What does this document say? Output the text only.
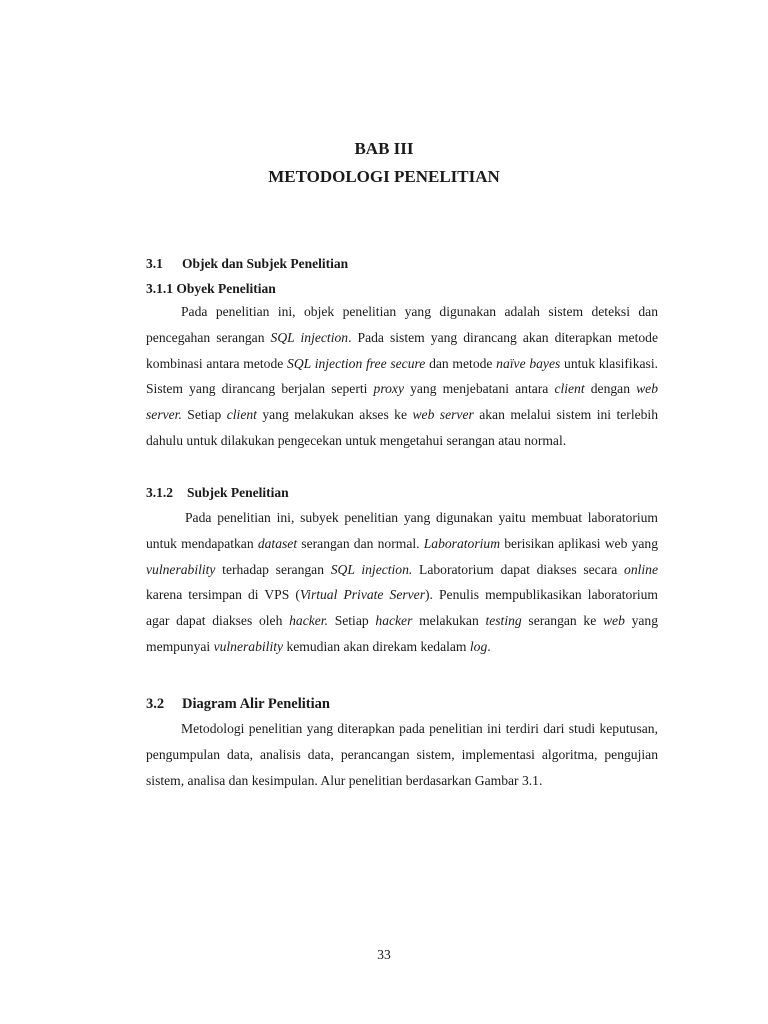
BAB III
METODOLOGI PENELITIAN
3.1 Objek dan Subjek Penelitian
3.1.1 Obyek Penelitian

Pada penelitian ini, objek penelitian yang digunakan adalah sistem deteksi dan pencegahan serangan SQL injection. Pada sistem yang dirancang akan diterapkan metode kombinasi antara metode SQL injection free secure dan metode naïve bayes untuk klasifikasi. Sistem yang dirancang berjalan seperti proxy yang menjebatani antara client dengan web server. Setiap client yang melakukan akses ke web server akan melalui sistem ini terlebih dahulu untuk dilakukan pengecekan untuk mengetahui serangan atau normal.

3.1.2 Subjek Penelitian

Pada penelitian ini, subyek penelitian yang digunakan yaitu membuat laboratorium untuk mendapatkan dataset serangan dan normal. Laboratorium berisikan aplikasi web yang vulnerability terhadap serangan SQL injection. Laboratorium dapat diakses secara online karena tersimpan di VPS (Virtual Private Server). Penulis mempublikasikan laboratorium agar dapat diakses oleh hacker. Setiap hacker melakukan testing serangan ke web yang mempunyai vulnerability kemudian akan direkam kedalam log.

3.2 Diagram Alir Penelitian

Metodologi penelitian yang diterapkan pada penelitian ini terdiri dari studi keputusan, pengumpulan data, analisis data, perancangan sistem, implementasi algoritma, pengujian sistem, analisa dan kesimpulan. Alur penelitian berdasarkan Gambar 3.1.

33
